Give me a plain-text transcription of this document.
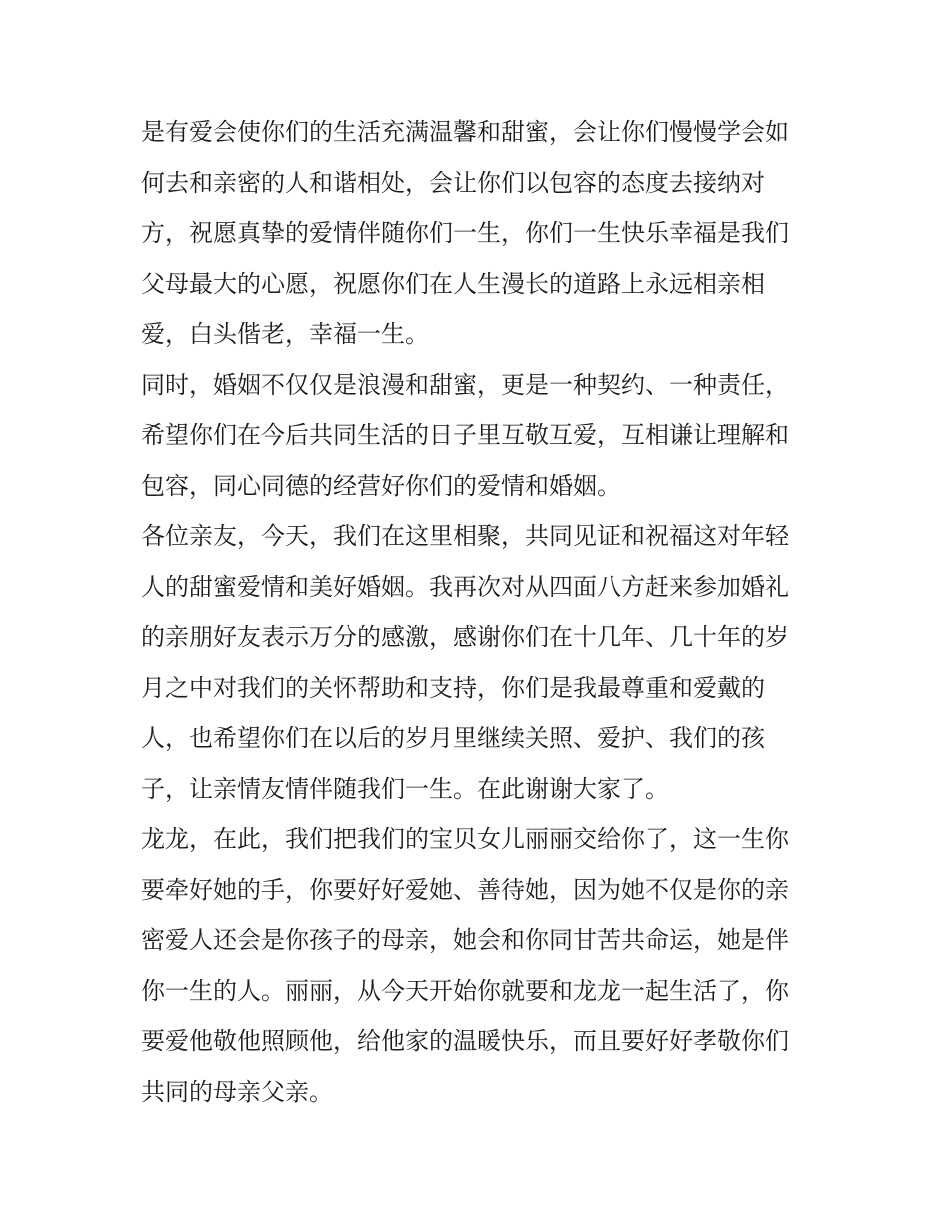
是有爱会使你们的生活充满温馨和甜蜜，会让你们慢慢学会如
何去和亲密的人和谐相处，会让你们以包容的态度去接纳对
方，祝愿真挚的爱情伴随你们一生，你们一生快乐幸福是我们
父母最大的心愿，祝愿你们在人生漫长的道路上永远相亲相
爱，白头偕老，幸福一生。
同时，婚姻不仅仅是浪漫和甜蜜，更是一种契约、一种责任，
希望你们在今后共同生活的日子里互敬互爱，互相谦让理解和
包容，同心同德的经营好你们的爱情和婚姻。
各位亲友，今天，我们在这里相聚，共同见证和祝福这对年轻
人的甜蜜爱情和美好婚姻。我再次对从四面八方赶来参加婚礼
的亲朋好友表示万分的感激，感谢你们在十几年、几十年的岁
月之中对我们的关怀帮助和支持，你们是我最尊重和爱戴的
人，也希望你们在以后的岁月里继续关照、爱护、我们的孩
子，让亲情友情伴随我们一生。在此谢谢大家了。
龙龙，在此，我们把我们的宝贝女儿丽丽交给你了，这一生你
要牵好她的手，你要好好爱她、善待她，因为她不仅是你的亲
密爱人还会是你孩子的母亲，她会和你同甘苦共命运，她是伴
你一生的人。丽丽，从今天开始你就要和龙龙一起生活了，你
要爱他敬他照顾他，给他家的温暖快乐，而且要好好孝敬你们
共同的母亲父亲。
